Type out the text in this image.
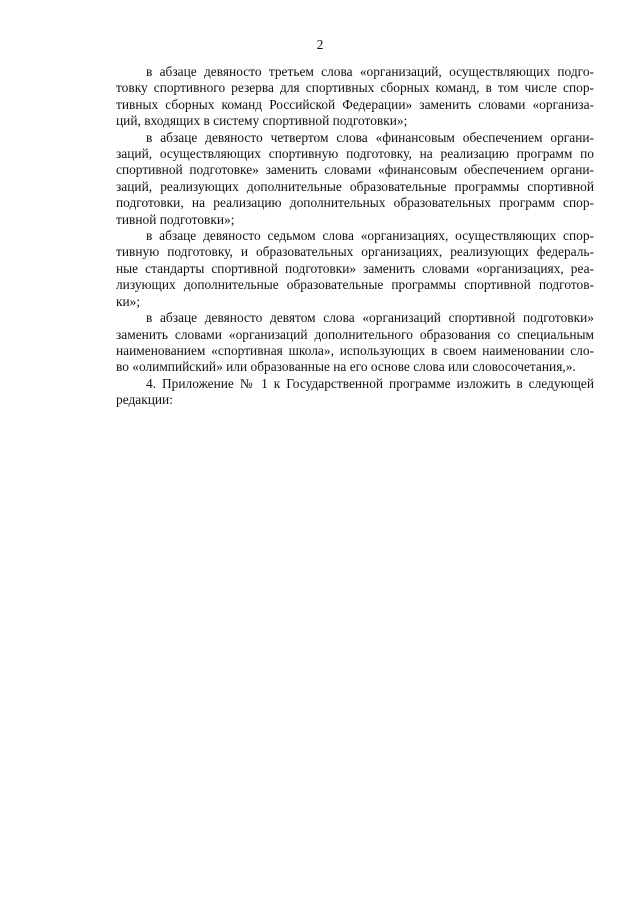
2
в абзаце девяносто третьем слова «организаций, осуществляющих подго-
товку спортивного резерва для спортивных сборных команд, в том числе спор-
тивных сборных команд Российской Федерации» заменить словами «организа-
ций, входящих в систему спортивной подготовки»;
в абзаце девяносто четвертом слова «финансовым обеспечением органи-
заций, осуществляющих спортивную подготовку, на реализацию программ по
спортивной подготовке» заменить словами «финансовым обеспечением органи-
заций, реализующих дополнительные образовательные программы спортивной
подготовки, на реализацию дополнительных образовательных программ спор-
тивной подготовки»;
в абзаце девяносто седьмом слова «организациях, осуществляющих спор-
тивную подготовку, и образовательных организациях, реализующих федераль-
ные стандарты спортивной подготовки» заменить словами «организациях, реа-
лизующих дополнительные образовательные программы спортивной подготов-
ки»;
в абзаце девяносто девятом слова «организаций спортивной подготовки»
заменить словами «организаций дополнительного образования со специальным
наименованием «спортивная школа», использующих в своем наименовании сло-
во «олимпийский» или образованные на его основе слова или словосочетания,».
4. Приложение № 1 к Государственной программе изложить в следующей
редакции:
